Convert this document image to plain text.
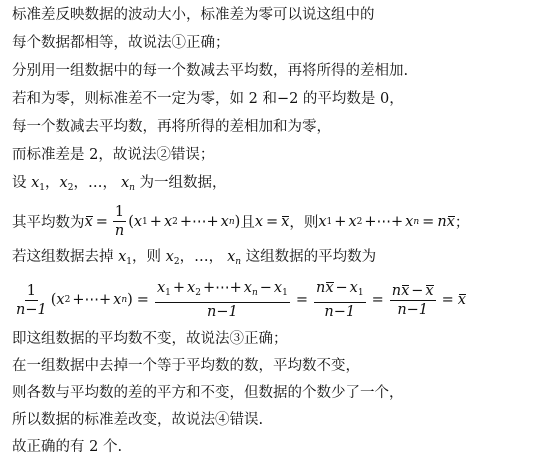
标准差反映数据的波动大小，标准差为零可以说这组中的
每个数据都相等，故说法①正确；
分别用一组数据中的每一个数减去平均数，再将所得的差相加.
若和为零，则标准差不一定为零，如 2 和−2 的平均数是 0，
每一个数减去平均数，再将所得的差相加和为零，
而标准差是 2，故说法②错误；
设 $x_1$，$x_2$，…， $x_n$ 为一组数据，
其平均数为 $x = \frac{1}{n}$ ( x 1 + x 2 +⋯+ x n ) 且 x = x ，则 x 1 + x 2 +⋯+ x n = n x ；
若这组数据去掉 $x_1$，则 $x_2$，…， $x_n$ 这组数据的平均数为
$\frac{1}{n-1}$ ( x 2 +⋯+ x n ) = $\frac{x_1 + x_2 +\cdots+ x_n - x_1}{n-1} = \frac{nx - x_1}{n-1} = \frac{nx - x}{n-1} = x$
即这组数据的平均数不变，故说法③正确；
在一组数据中去掉一个等于平均数的数，平均数不变，
则各数与平均数的差的平方和不变，但数据的个数少了一个，
所以数据的标准差改变，故说法④错误.
故正确的有 2 个.
